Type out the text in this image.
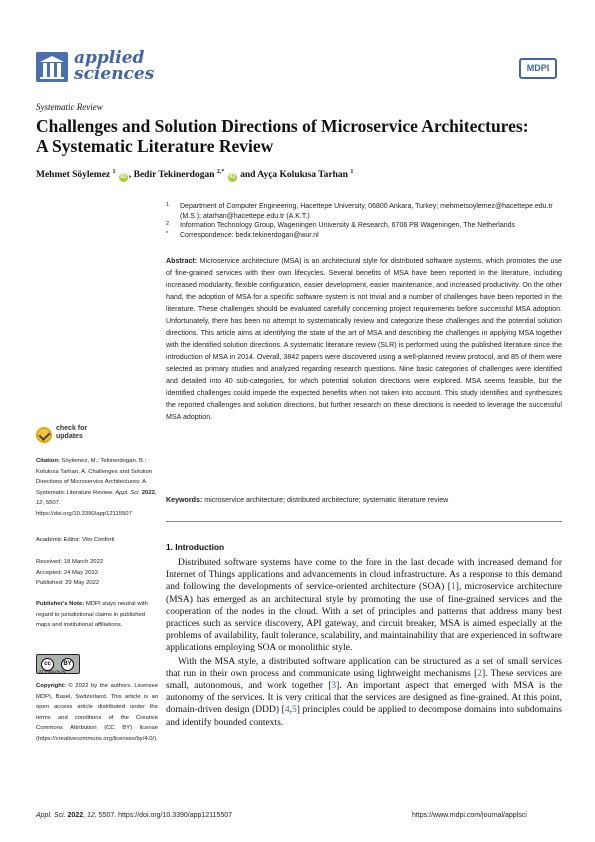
applied
sciences	MDPI
Systematic Review
Challenges and Solution Directions of Microservice Architectures: A Systematic Literature Review
Mehmet Söylemez $^1$ iD , Bedir Tekinerdogan $^{2,*}$ iD and Ayça Kolukısa Tarhan $^1$
1 Department of Computer Engineering, Hacettepe University, 06800 Ankara, Turkey; mehmetsoylemez@hacettepe.edu.tr (M.S.); atarhan@hacettepe.edu.tr (A.K.T.)
2 Information Technology Group, Wageningen University & Research, 6706 PB Wageningen, The Netherlands
* Correspondence: bedir.tekinerdogan@wur.nl
Abstract: Microservice architecture (MSA) is an architectural style for distributed software systems, which promotes the use of fine-grained services with their own lifecycles. Several benefits of MSA have been reported in the literature, including increased modularity, flexible configuration, easier development, easier maintenance, and increased productivity. On the other hand, the adoption of MSA for a specific software system is not trivial and a number of challenges have been reported in the literature. These challenges should be evaluated carefully concerning project requirements before successful MSA adoption. Unfortunately, there has been no attempt to systematically review and categorize these challenges and the potential solution directions. This article aims at identifying the state of the art of MSA and describing the challenges in applying MSA together with the identified solution directions. A systematic literature review (SLR) is performed using the published literature since the introduction of MSA in 2014. Overall, 3842 papers were discovered using a well-planned review protocol, and 85 of them were selected as primary studies and analyzed regarding research questions. Nine basic categories of challenges were identified and detailed into 40 sub-categories, for which potential solution directions were explored. MSA seems feasible, but the identified challenges could impede the expected benefits when not taken into account. This study identifies and synthesizes the reported challenges and solution directions, but further research on these directions is needed to leverage the successful MSA adoption.
Keywords: microservice architecture; distributed architecture; systematic literature review
check for
updates
Citation: Söylemez, M.; Tekinerdogan, B.; Kolukısa Tarhan, A. Challenges and Solution Directions of Microservice Architectures: A Systematic Literature Review. Appl. Sci. 2022, 12, 5507. https://doi.org/10.3390/app12115507
Academic Editor: Vito Conforti
Received: 18 March 2022
Accepted: 24 May 2022
Published: 29 May 2022
Publisher's Note: MDPI stays neutral with regard to jurisdictional claims in published maps and institutional affiliations.
cc	BY
ATTRIBUTION
Copyright: © 2022 by the authors. Licensee MDPI, Basel, Switzerland. This article is an open access article distributed under the terms and conditions of the Creative Commons Attribution (CC BY) license (https://creativecommons.org/licenses/by/4.0/).
1. Introduction

Distributed software systems have come to the fore in the last decade with increased demand for Internet of Things applications and advancements in cloud infrastructure. As a response to this demand and following the developments of service-oriented architecture (SOA) [1], microservice architecture (MSA) has emerged as an architectural style by promoting the use of fine-grained services and the cooperation of the nodes in the cloud. With a set of principles and patterns that address many best practices such as service discovery, API gateway, and circuit breaker, MSA is aimed especially at the problems of availability, fault tolerance, scalability, and maintainability that are experienced in software applications employing SOA or monolithic style.

With the MSA style, a distributed software application can be structured as a set of small services that run in their own process and communicate using lightweight mechanisms [2]. These services are small, autonomous, and work together [3]. An important aspect that emerged with MSA is the autonomy of the services. It is very critical that the services are designed as fine-grained. At this point, domain-driven design (DDD) [4,5] principles could be applied to decompose domains into subdomains and identify bounded contexts.

Appl. Sci. 2022, 12, 5507. https://doi.org/10.3390/app12115507	https://www.mdpi.com/journal/applsci
